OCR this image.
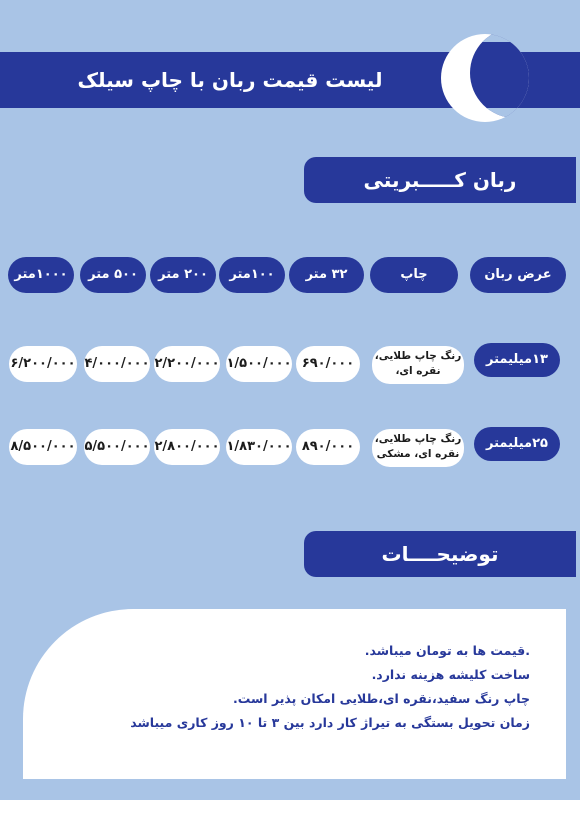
لیست قیمت ربان با چاپ سیلک
ربان کـــــبریتی
عرض ربان
چاپ
۳۲ متر
۱۰۰متر
۲۰۰ متر
۵۰۰ متر
۱۰۰۰متر
۱۳میلیمتر
رنگ چاپ طلایی، نقره ای،
۶۹۰/۰۰۰
۱/۵۰۰/۰۰۰
۲/۲۰۰/۰۰۰
۴/۰۰۰/۰۰۰
۶/۲۰۰/۰۰۰
۲۵میلیمتر
رنگ چاپ طلایی، نقره ای، مشکی
۸۹۰/۰۰۰
۱/۸۳۰/۰۰۰
۲/۸۰۰/۰۰۰
۵/۵۰۰/۰۰۰
۸/۵۰۰/۰۰۰
توضیحــــات
.قیمت ها به تومان میباشد.
ساخت کلیشه هزینه ندارد.
چاپ رنگ سفید،نقره ای،طلایی امکان پذیر است.
زمان تحویل بستگی به تیراژ کار دارد بین ۳ تا ۱۰ روز کاری میباشد
